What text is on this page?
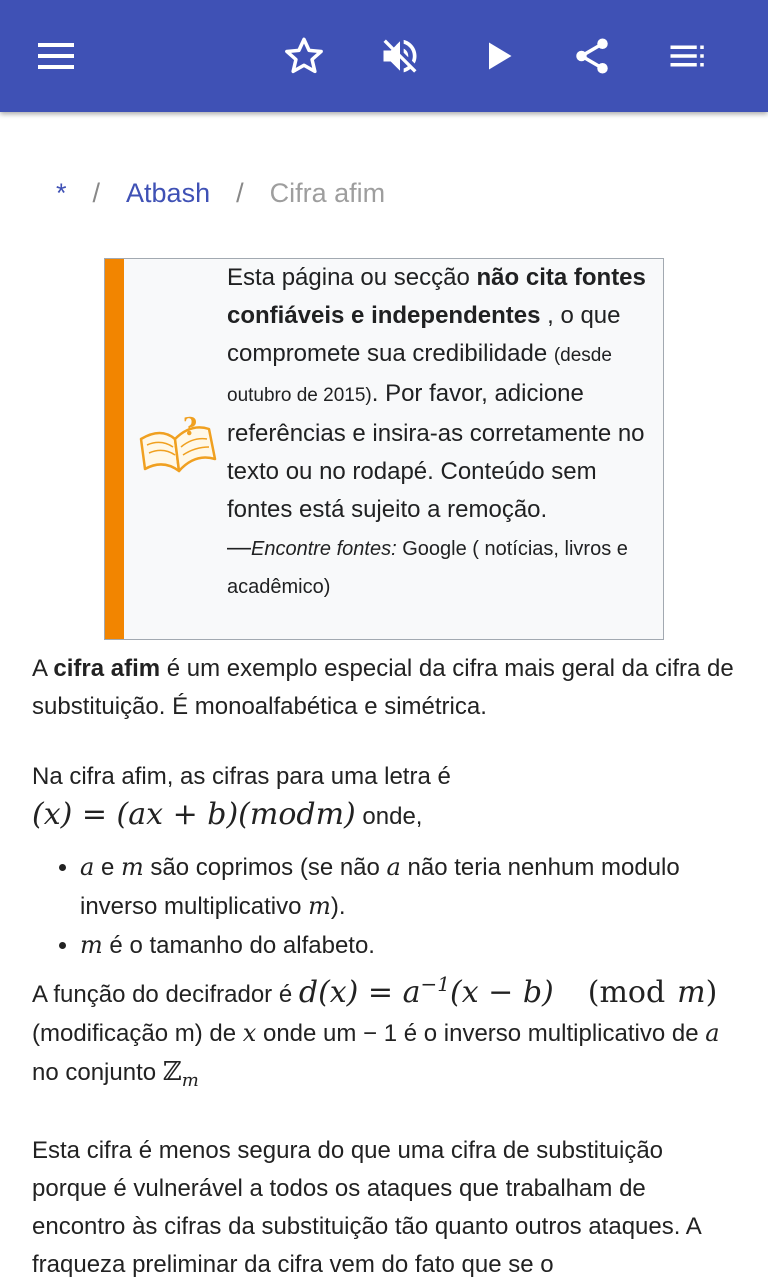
* / Atbash / Cifra afim
?
Esta página ou secção não cita fontes confiáveis e independentes , o que compromete sua credibilidade (desde outubro de 2015). Por favor, adicione referências e insira-as corretamente no texto ou no rodapé. Conteúdo sem fontes está sujeito a remoção.
—Encontre fontes: Google ( notícias, livros e acadêmico)

A cifra afim é um exemplo especial da cifra mais geral da cifra de substituição. É monoalfabética e simétrica.

Na cifra afim, as cifras para uma letra é
(x) = (ax + b)(modm) onde,

• a e m são coprimos (se não a não teria nenhum modulo inverso multiplicativo m).
• m é o tamanho do alfabeto.

A função do decifrador é $d(x) = a^{-1}(x - b)$ (mod m) (modificação m) de x onde um − 1 é o inverso multiplicativo de a no conjunto ℤ$_m$

Esta cifra é menos segura do que uma cifra de substituição porque é vulnerável a todos os ataques que trabalham de encontro às cifras da substituição tão quanto outros ataques. A fraqueza preliminar da cifra vem do fato que se o
